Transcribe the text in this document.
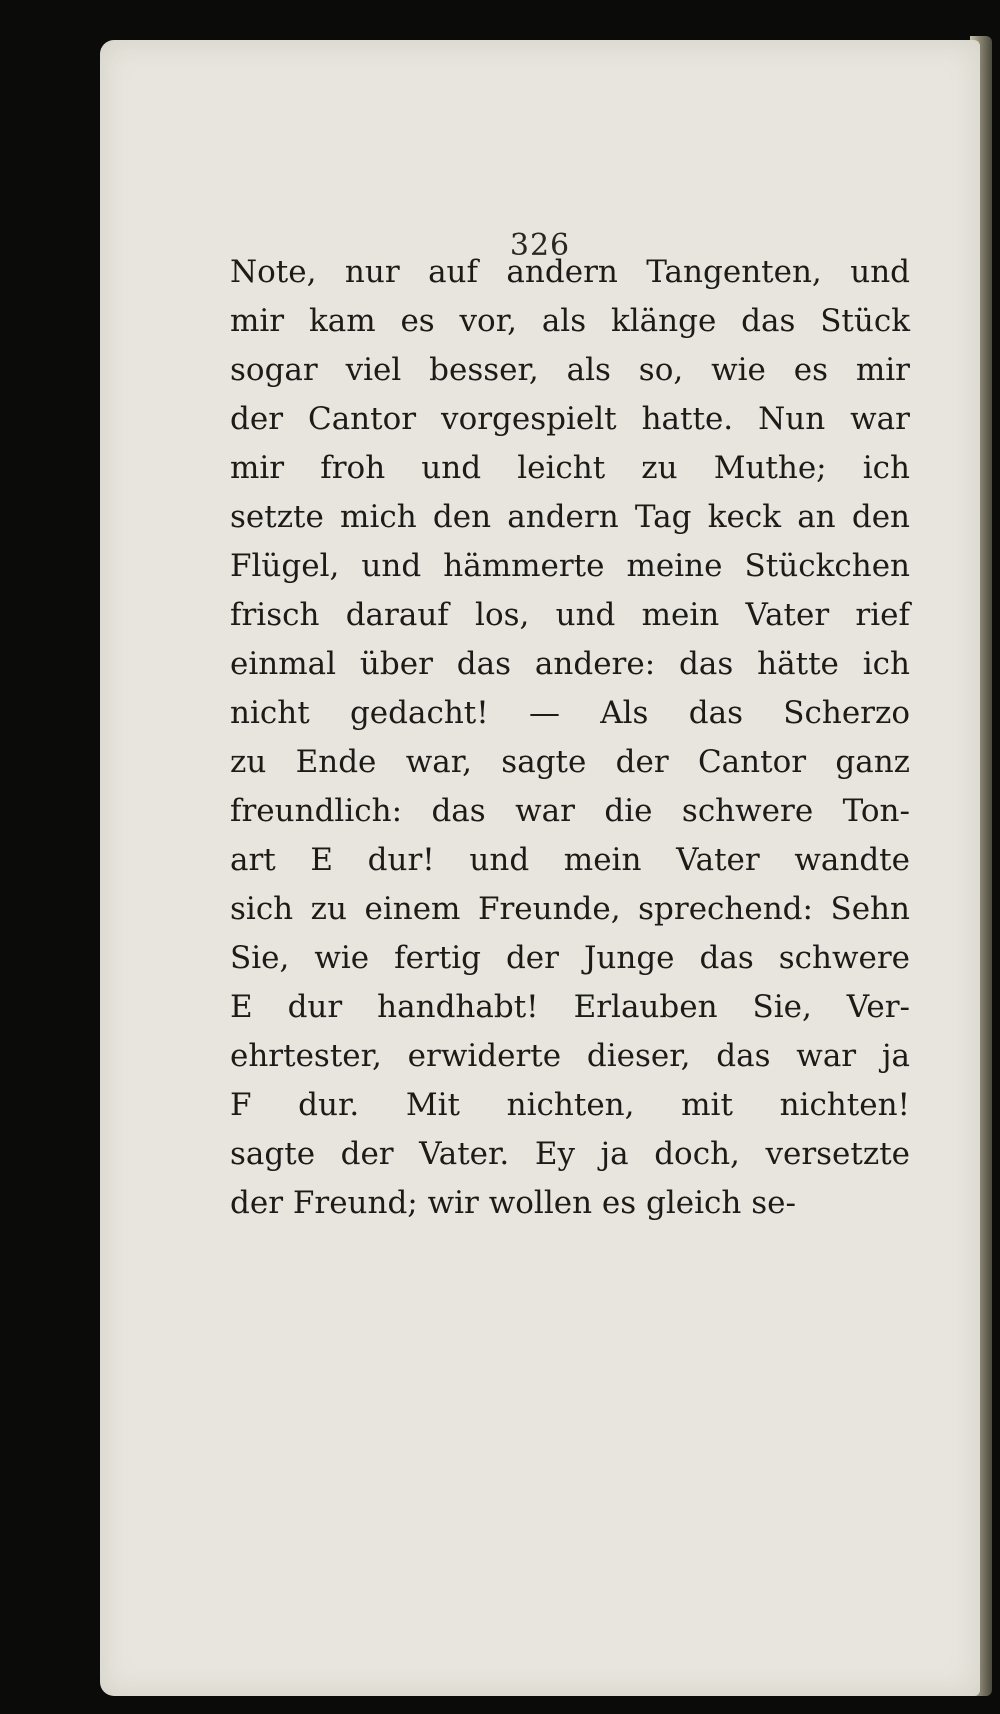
326
Note, nur auf andern Tangenten, und
mir kam es vor, als klänge das Stück
sogar viel besser, als so, wie es mir
der Cantor vorgespielt hatte. Nun war
mir froh und leicht zu Muthe; ich
setzte mich den andern Tag keck an den
Flügel, und hämmerte meine Stückchen
frisch darauf los, und mein Vater rief
einmal über das andere: das hätte ich
nicht gedacht! — Als das Scherzo
zu Ende war, sagte der Cantor ganz
freundlich: das war die schwere Ton-
art E dur! und mein Vater wandte
sich zu einem Freunde, sprechend: Sehn
Sie, wie fertig der Junge das schwere
E dur handhabt! Erlauben Sie, Ver-
ehrtester, erwiderte dieser, das war ja
F dur. Mit nichten, mit nichten!
sagte der Vater. Ey ja doch, versetzte
der Freund; wir wollen es gleich se-
